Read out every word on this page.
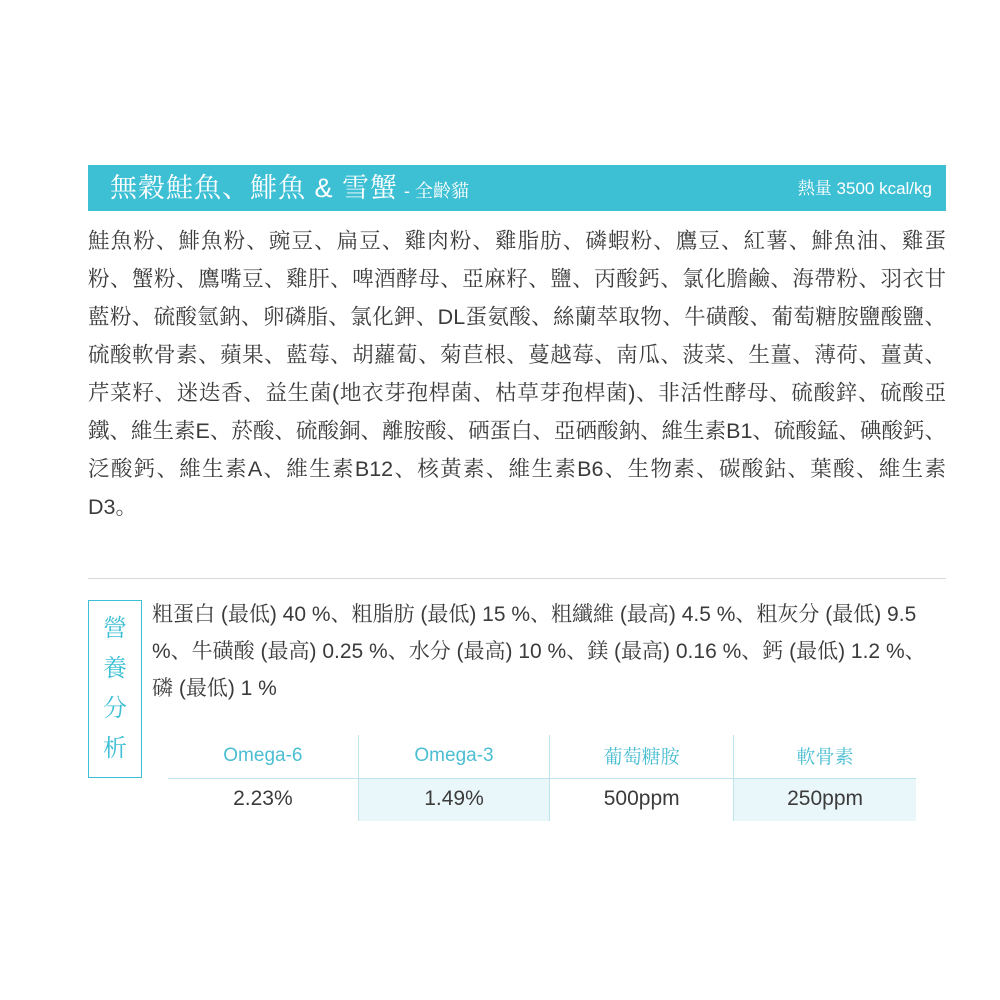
無穀鮭魚、鯡魚 & 雪蟹 - 全齡貓	熱量 3500 kcal/kg
鮭魚粉、鯡魚粉、豌豆、扁豆、雞肉粉、雞脂肪、磷蝦粉、鷹豆、紅薯、鯡魚油、雞蛋粉、蟹粉、鷹嘴豆、雞肝、啤酒酵母、亞麻籽、鹽、丙酸鈣、氯化膽鹼、海帶粉、羽衣甘藍粉、硫酸氫鈉、卵磷脂、氯化鉀、DL蛋氨酸、絲蘭萃取物、牛磺酸、葡萄糖胺鹽酸鹽、硫酸軟骨素、蘋果、藍莓、胡蘿蔔、菊苣根、蔓越莓、南瓜、菠菜、生薑、薄荷、薑黃、芹菜籽、迷迭香、益生菌(地衣芽孢桿菌、枯草芽孢桿菌)、非活性酵母、硫酸鋅、硫酸亞鐵、維生素E、菸酸、硫酸銅、離胺酸、硒蛋白、亞硒酸鈉、維生素B1、硫酸錳、碘酸鈣、泛酸鈣、維生素A、維生素B12、核黃素、維生素B6、生物素、碳酸鈷、葉酸、維生素D3。
營
養
分
析
粗蛋白 (最低) 40 %、粗脂肪 (最低) 15 %、粗纖維 (最高) 4.5 %、粗灰分 (最低) 9.5 %、牛磺酸 (最高) 0.25 %、水分 (最高) 10 %、鎂 (最高) 0.16 %、鈣 (最低) 1.2 %、磷 (最低) 1 %
Omega-6	Omega-3	葡萄糖胺	軟骨素
2.23%	1.49%	500ppm	250ppm
